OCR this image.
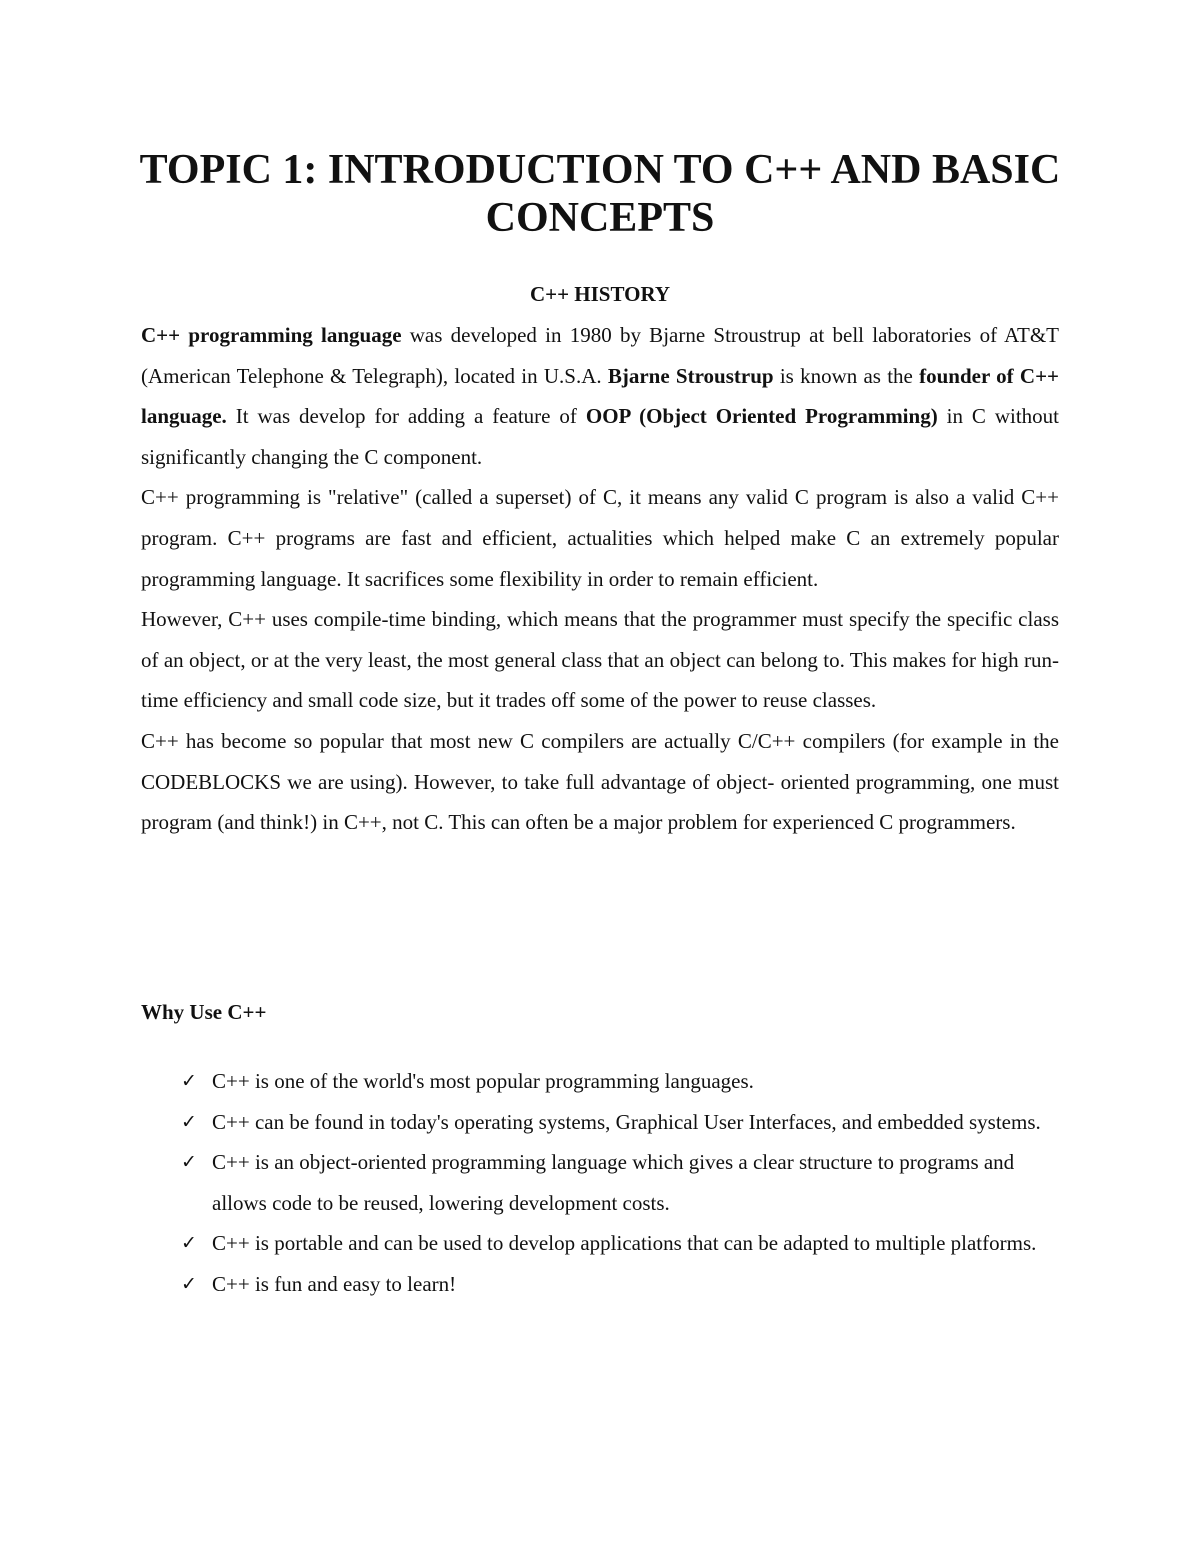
TOPIC 1: INTRODUCTION TO C++ AND BASIC
CONCEPTS
C++ HISTORY

C++ programming language was developed in 1980 by Bjarne Stroustrup at bell laboratories of AT&T (American Telephone & Telegraph), located in U.S.A. Bjarne Stroustrup is known as the founder of C++ language. It was develop for adding a feature of OOP (Object Oriented Programming) in C without significantly changing the C component.

C++ programming is "relative" (called a superset) of C, it means any valid C program is also a valid C++ program. C++ programs are fast and efficient, actualities which helped make C an extremely popular programming language. It sacrifices some flexibility in order to remain efficient.

However, C++ uses compile-time binding, which means that the programmer must specify the specific class of an object, or at the very least, the most general class that an object can belong to. This makes for high run-time efficiency and small code size, but it trades off some of the power to reuse classes.

C++ has become so popular that most new C compilers are actually C/C++ compilers (for example in the CODEBLOCKS we are using). However, to take full advantage of object- oriented programming, one must program (and think!) in C++, not C. This can often be a major problem for experienced C programmers.

Why Use C++
✓ C++ is one of the world's most popular programming languages.
✓ C++ can be found in today's operating systems, Graphical User Interfaces, and embedded systems.
✓ C++ is an object-oriented programming language which gives a clear structure to programs and allows code to be reused, lowering development costs.
✓ C++ is portable and can be used to develop applications that can be adapted to multiple platforms.
✓ C++ is fun and easy to learn!
